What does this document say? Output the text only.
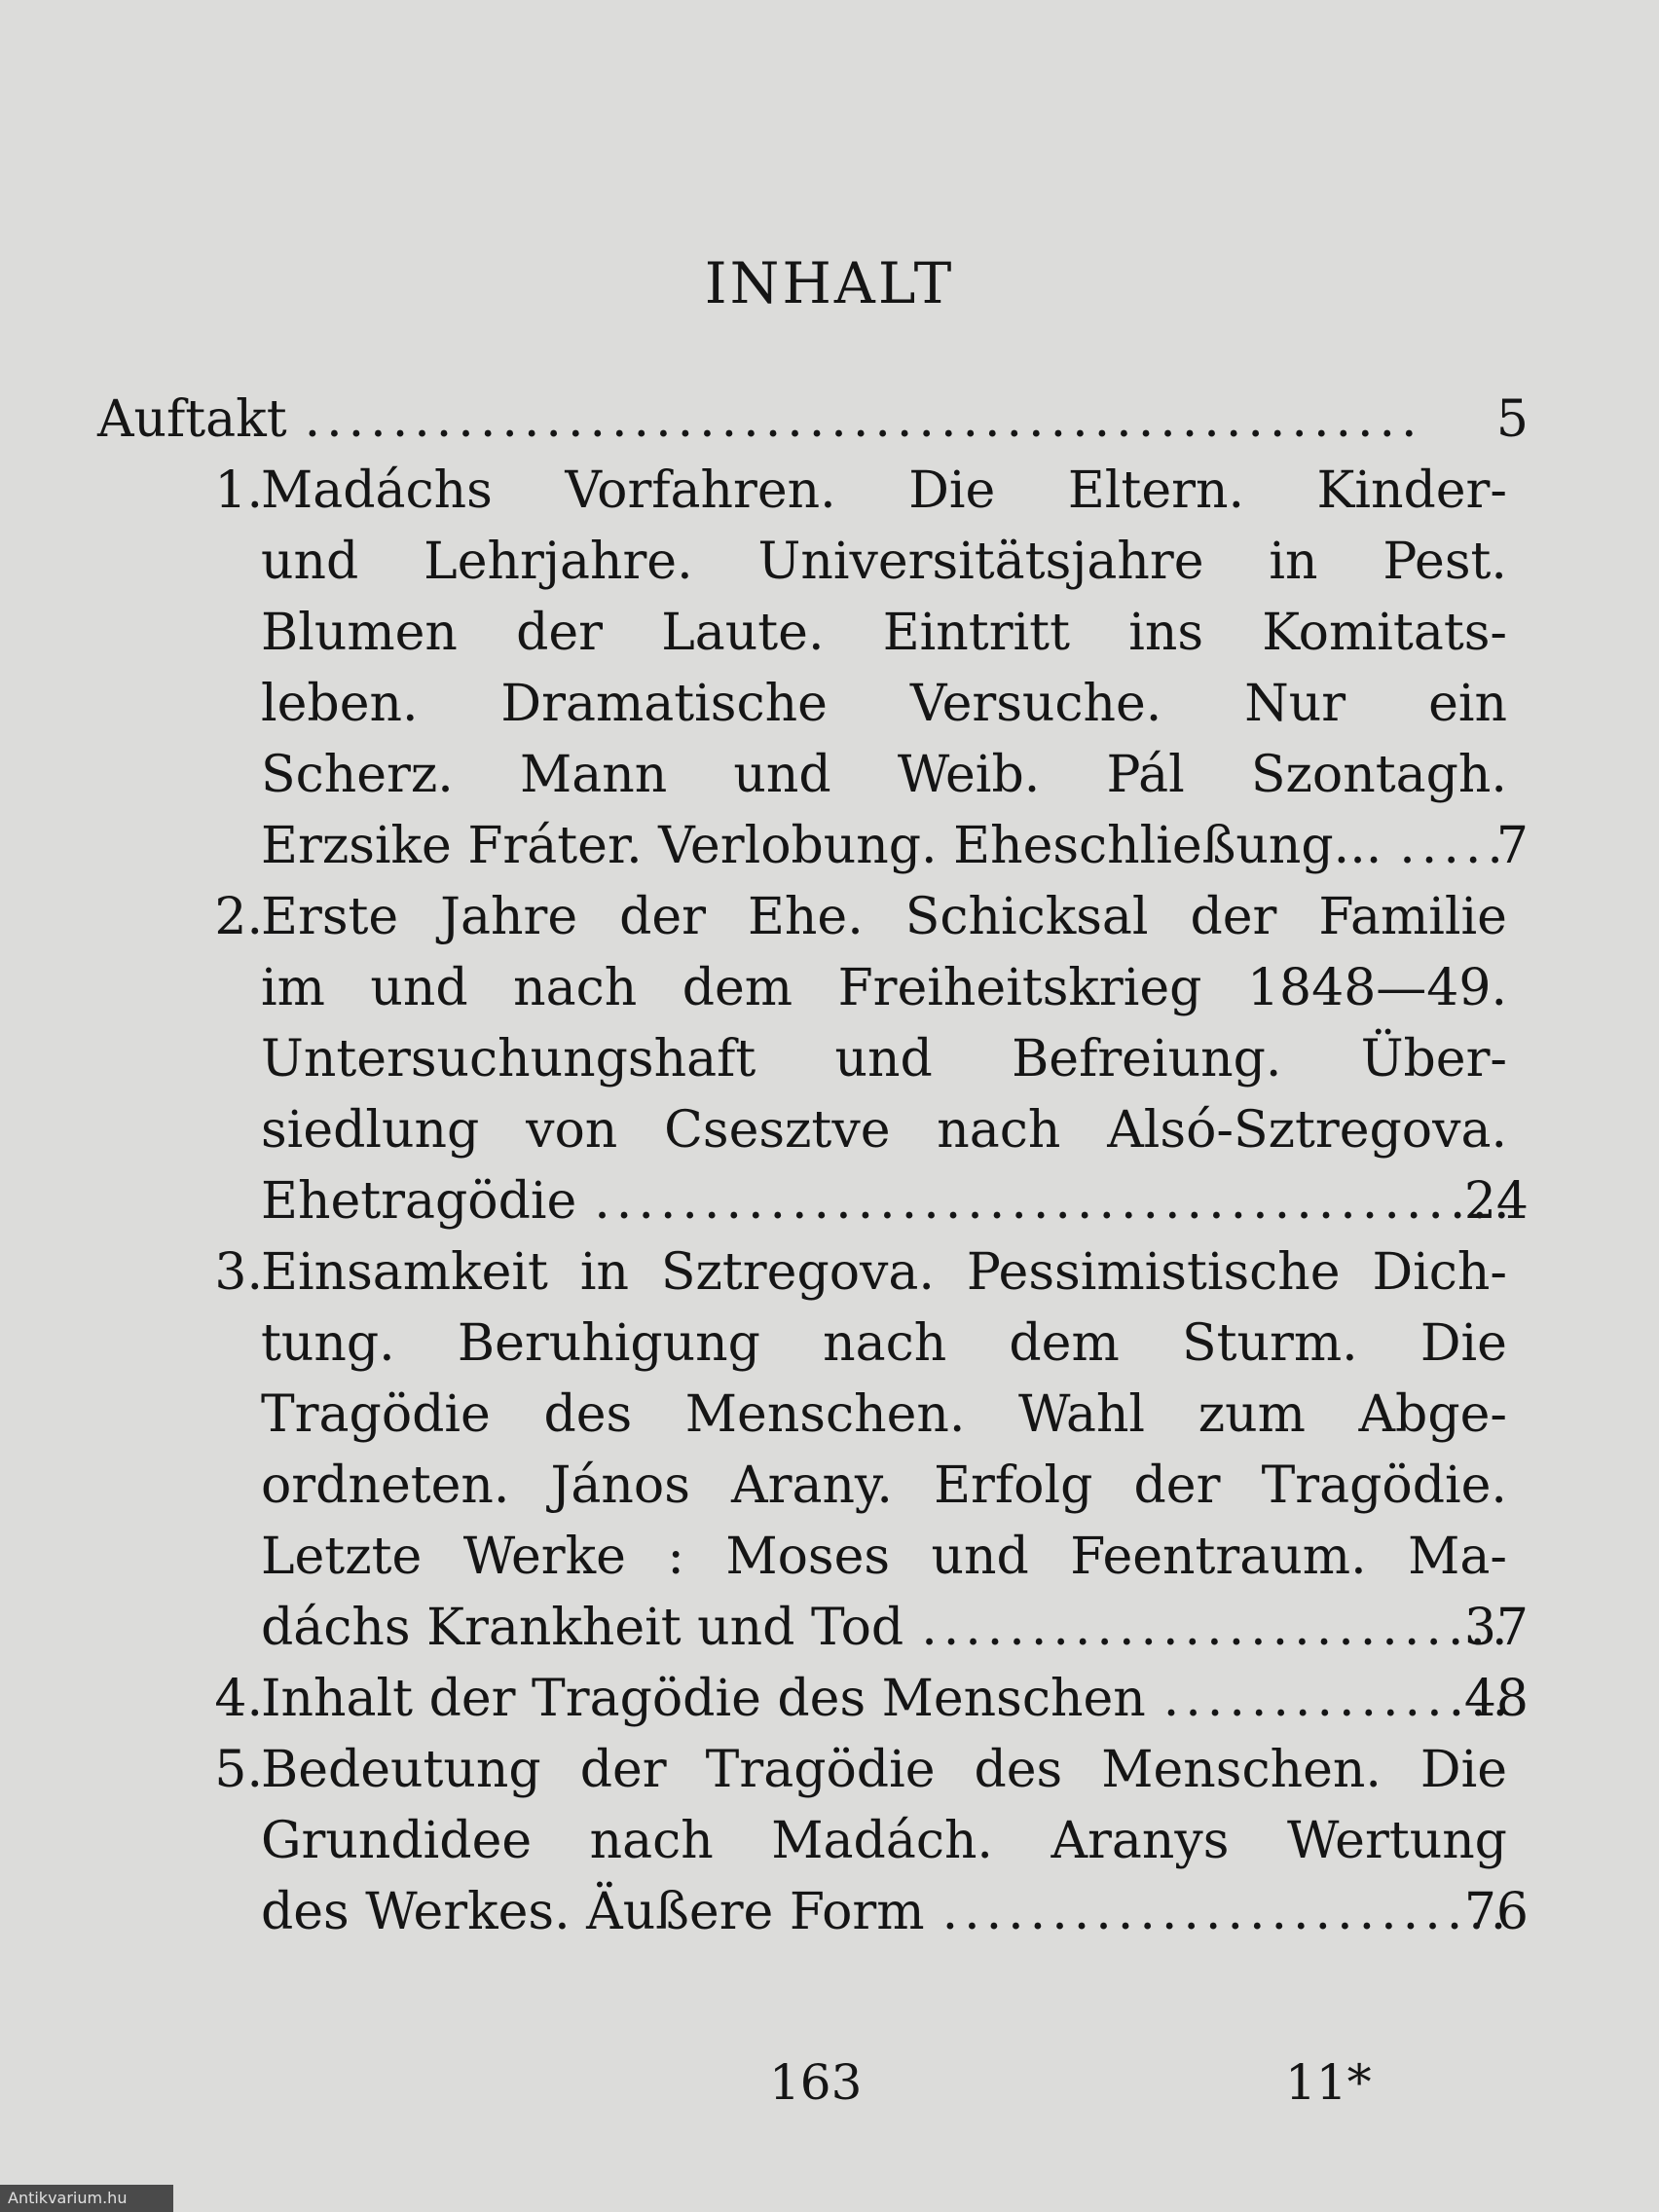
INHALT
Auftakt .....	5
1.
Madáchs Vorfahren. Die Eltern. Kinder-
und Lehrjahre. Universitätsjahre in Pest.
Blumen der Laute. Eintritt ins Komitats-
leben. Dramatische Versuche. Nur ein
Scherz. Mann und Weib. Pál Szontagh.
Erzsike Fráter. Verlobung. Eheschließung... .....	7
2.
Erste Jahre der Ehe. Schicksal der Familie
im und nach dem Freiheitskrieg 1848—49.
Untersuchungshaft und Befreiung. Über-
siedlung von Csesztve nach Alsó-Sztregova.
Ehetragödie .....	24
3.
Einsamkeit in Sztregova. Pessimistische Dich-
tung. Beruhigung nach dem Sturm. Die
Tragödie des Menschen. Wahl zum Abge-
ordneten. János Arany. Erfolg der Tragödie.
Letzte Werke : Moses und Feentraum. Ma-
dáchs Krankheit und Tod .....	37
4.
Inhalt der Tragödie des Menschen .....	48
5.
Bedeutung der Tragödie des Menschen. Die
Grundidee nach Madách. Aranys Wertung
des Werkes. Äußere Form .....	76
163	11*
Antikvarium.hu
